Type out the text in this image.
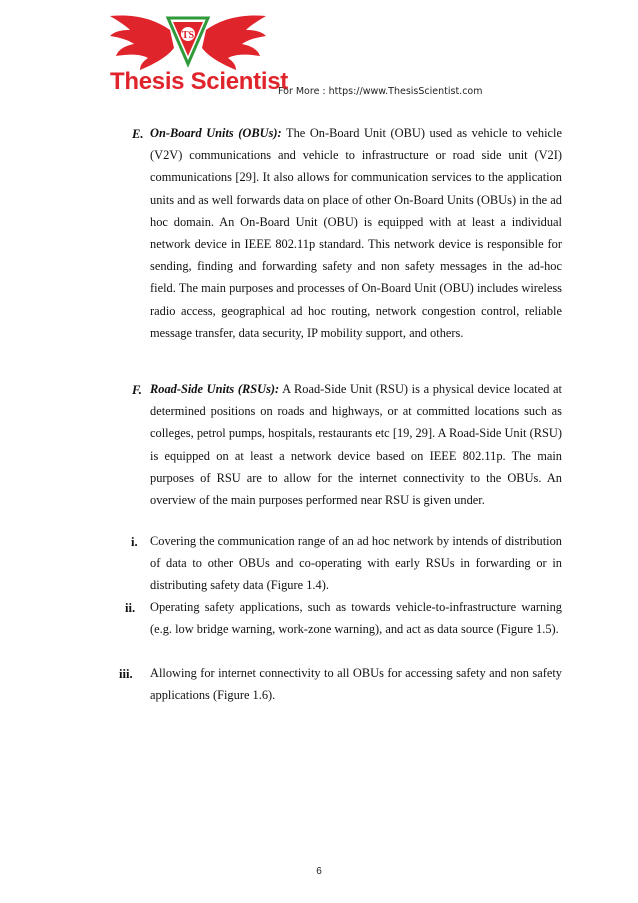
TS
Thesis Scientist
For More : https://www.ThesisScientist.com
E. On-Board Units (OBUs): The On-Board Unit (OBU) used as vehicle to vehicle (V2V) communications and vehicle to infrastructure or road side unit (V2I) communications [29]. It also allows for communication services to the application units and as well forwards data on place of other On-Board Units (OBUs) in the ad hoc domain. An On-Board Unit (OBU) is equipped with at least a individual network device in IEEE 802.11p standard. This network device is responsible for sending, finding and forwarding safety and non safety messages in the ad-hoc field. The main purposes and processes of On-Board Unit (OBU) includes wireless radio access, geographical ad hoc routing, network congestion control, reliable message transfer, data security, IP mobility support, and others.
F. Road-Side Units (RSUs): A Road-Side Unit (RSU) is a physical device located at determined positions on roads and highways, or at committed locations such as colleges, petrol pumps, hospitals, restaurants etc [19, 29]. A Road-Side Unit (RSU) is equipped on at least a network device based on IEEE 802.11p. The main purposes of RSU are to allow for the internet connectivity to the OBUs. An overview of the main purposes performed near RSU is given under.
i. Covering the communication range of an ad hoc network by intends of distribution of data to other OBUs and co-operating with early RSUs in forwarding or in distributing safety data (Figure 1.4).
ii. Operating safety applications, such as towards vehicle-to-infrastructure warning (e.g. low bridge warning, work-zone warning), and act as data source (Figure 1.5).
iii. Allowing for internet connectivity to all OBUs for accessing safety and non safety applications (Figure 1.6).
6
